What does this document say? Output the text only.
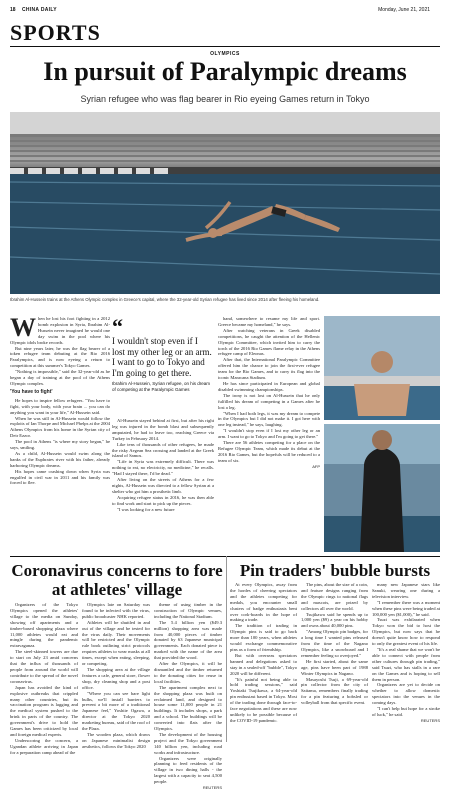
18 CHINA DAILY	Monday, June 21, 2021
SPORTS
OLYMPICS
In pursuit of Paralympic dreams
Syrian refugee who was flag bearer in Rio eyeing Games return in Tokyo
Ibrahim Al-Hussein trains at the Athens Olympic complex in Greece's capital, where the 32-year-old Syrian refugee has lived since 2014 after fleeing his homeland.

When he lost his foot fighting in a 2012 bomb explosion in Syria, Ibrahim Al-Hussein never imagined he would one day swim in the pool where his Olympic idols broke records.

But nine years later, he was the flag bearer of a token refugee team debuting at the Rio 2016 Paralympics, and is now eyeing a return to competition at this summer's Tokyo Games.

"Nothing is impossible," said the 32-year-old as he began a day of training at the pool of the Athens Olympic complex.

'You have to fight'

He hopes to inspire fellow refugees. "You have to fight, with your body, with your brain ... you can do anything you want in your life," Al-Hussein said.

When he was still in Al-Hussein would follow the exploits of Ian Thorpe and Michael Phelps at the 2004 Athens Olympics from his home in the Syrian city of Deir Ezzor.

The pool in Athens "is where my story began," he says, smiling.

As a child, Al-Hussein would swim along the banks of the Euphrates river with his father, already harboring Olympic dreams.

His hopes came crashing down when Syria was engulfed in civil war in 2011 and his family was forced to flee.

“
I wouldn't stop even if I lost my other leg or an arm. I want to go to Tokyo and I'm going to get there.
Ibrahim Al-Hussein, Syrian refugee, on his dream of competing at the Paralympic Games

Al-Hussein stayed behind at first, but after his right leg was injured in the bomb blast and subsequently amputated, he had to leave too, reaching Greece via Turkey in February 2014.

Like tens of thousands of other refugees, he made the risky Aegean Sea crossing and landed at the Greek island of Samos.

"Life in Syria was extremely difficult. There was nothing to eat, no electricity, no medicine," he recalls. "Had I stayed there, I'd be dead."

After living on the streets of Athens for a few nights, Al-Hussein was directed to a fellow Syrian at a shelter who got him a prosthetic limb.

Acquiring refugee status in 2016, he was then able to find work and start to pick up the pieces.

"I was looking for a new future

hand, somewhere to resume my life and sport. Greece became my homeland," he says.

After watching veterans in Greek disabled competitions, he caught the attention of the Hellenic Olympic Committee, which invited him to carry the torch of the 2016 Rio Games flame relay in the Athens refugee camp of Eleonas.

After that, the International Paralympic Committee offered him the chance to join the first-ever refugee team for the Rio Games, and to carry its flag into the iconic Maracana Stadium.

He has since participated in European and global disabled swimming championships.

The irony is not lost on Al-Hussein that he only fulfilled his dream of competing in a Games after he lost a leg.

"When I had both legs, it was my dream to compete in the Olympics but I did not make it. I got here with one leg instead," he says, laughing.

"I wouldn't stop even if I lost my other leg or an arm. I want to go to Tokyo and I'm going to get there."

There are 56 athletes competing for a place on the Refugee Olympic Team, which made its debut at the 2016 Rio Games, but the hopefuls will be reduced to a team of six.

AFP
Coronavirus concerns to fore at athletes' village

Organizers of the Tokyo Olympics opened the athletes' village to the media on Sunday, showing off apartments and a timber-based shopping plaza where 11,000 athletes would eat and mingle during the pandemic extravaganza.

The steel-skinned towers are due to start on July 23 amid concerns that the influx of thousands of people from around the world will contribute to the spread of the novel coronavirus.

Japan has avoided the kind of explosive outbreaks that crippled many other countries, but its vaccination program is lagging and the medical system pushed to the brink in parts of the country. The government's drive to hold the Games has been criticized by local and foreign medical experts.

Underscoring the concern, a Ugandan athlete arriving in Japan for a preparation camp ahead of the

Olympics late on Saturday was found to be infected with the virus, public broadcaster NHK reported.

Athletes will be shuttled in and out of the village and be tested for the virus daily. Their movements will be restricted and the Olympic rule book outlining strict protocols requires athletes to wear masks at all times, except when eating, sleeping, or competing.

The shopping area at the village features a cafe, general store, flower shop, dry cleaning shop and a post office.

"Where you can see bare light bulbs, we'll install barriers to prevent a bit more of a traditional Japanese feel," Yoshiie Ogawa, a director at the Tokyo 2020 marketing bureau, said of the roof of the Plaza.

The wooden plaza, which draws on Japanese minimalist design aesthetics, follows the Tokyo 2020

theme of using timber in the construction of Olympic venues, including the National Stadium.

The 5.4 billion yen ($49.3 million) shopping area was made from 40,000 pieces of timber donated by 63 Japanese municipal governments. Each donated piece is marked with the name of the area that provided the wood.

After the Olympics, it will be dismantled and the timber returned to the donating cities for reuse in local facilities.

The apartment complex next to the shopping plaza was built on reclaimed land, and designed to house some 11,000 people in 21 buildings. It includes shops, a park and a school. The buildings will be converted into flats after the Olympics.

The development of the housing project and the Tokyo government 140 billion yen, including road works and infrastructure.

Organizers were originally planning to feed residents of the village in two dining halls - the largest with a capacity to seat 4,500 people.

REUTERS
Pin traders' bubble bursts

At every Olympics, away from the hordes of cheering spectators and the athletes competing for medals, you encounter small clusters of badge enthusiasts bent over cork-boards in the hope of making a trade.

The tradition of trading in Olympic pins is said to go back more than 100 years, when athletes would exchange commemorative pins as a form of friendship.

But with overseas spectators banned and delegations asked to stay in a sealed-off "bubble", Tokyo 2020 will be different.

"It's painful not being able to hold trading sessions," said Yoshiaki Tsujikawa, a 64-year-old pin enthusiast based in Tokyo. Most of the trading done through face-to-face negotiations and these are now unlikely to be possible because of the COVID-19 pandemic.

The pins, about the size of a coin, and feature designs ranging from the Olympic rings to national flags and mascots, are prized by collectors all over the world.

Tsujikawa said he spends up to 1,000 yen ($9) a year on his hobby and owns about 40,000 pins.

"Among Olympic pin badges, for a long time I wanted pins released from the time of the Nagano Olympics, like a snowboard and I remember feeling so overjoyed."

He first started, about the same age, pins have been part of 1988 Winter Olympics in Nagano.

Masayoshi Tsuji, a 69-year-old pin collector from the city of Saitama, remembers finally trading for a pin featuring a bobsled or volleyball from that specific event.

many new Japanese stars like Sanuki, wearing one during a television interview.

"I remember there was a moment when these pins were being traded at 100,000 yen ($1,000)," he said.

Tsuzi was exhilarated when Tokyo won the bid to host the Olympics, but now says that he doesn't quite know how to respond to only the greatest event of his life.

"It's a real shame that we won't be able to connect with people from other cultures through pin trading," said Tsuzi, who has stalls in a rare on the Games and is hoping to sell them in person.

Organizers are yet to decide on whether to allow domestic spectators into the venues in the coming days.

"I can't help but hope for a stroke of luck," he said.

REUTERS
